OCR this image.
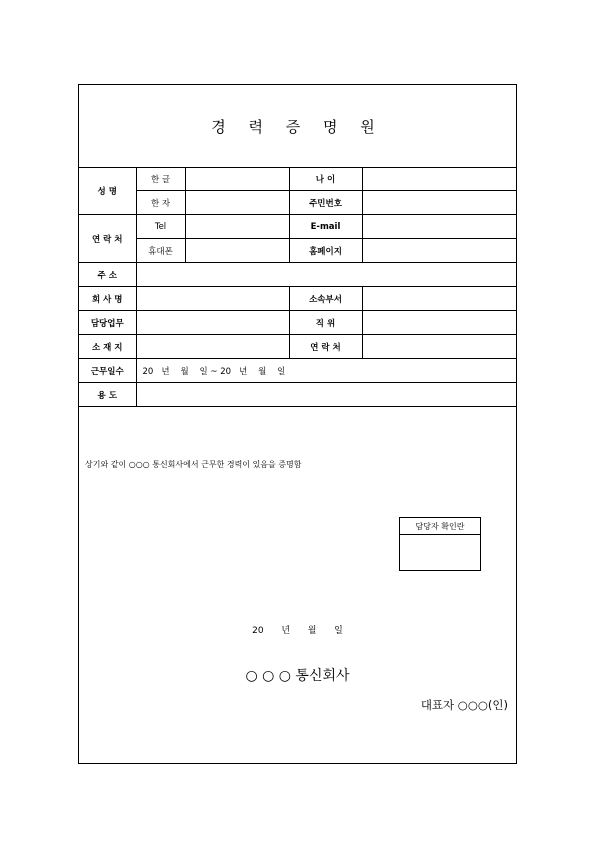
경 력 증 명 원
성 명	한 글		나 이	
	한 자		주민번호	
연 락 처	Tel		E-mail	
	휴대폰		홈페이지	
주 소				
회 사 명			소속부서	
담당업무			직 위	
소 재 지			연 락 처	
근무일수	20   년    월    일 ~ 20   년    월    일			
용 도				
상기와 같이 ○○○ 통신회사에서 근무한 경력이 있음을 증명함
담당자 확인란
20  년  월  일
○ ○ ○ 통신회사
대표자 ○○○(인)
